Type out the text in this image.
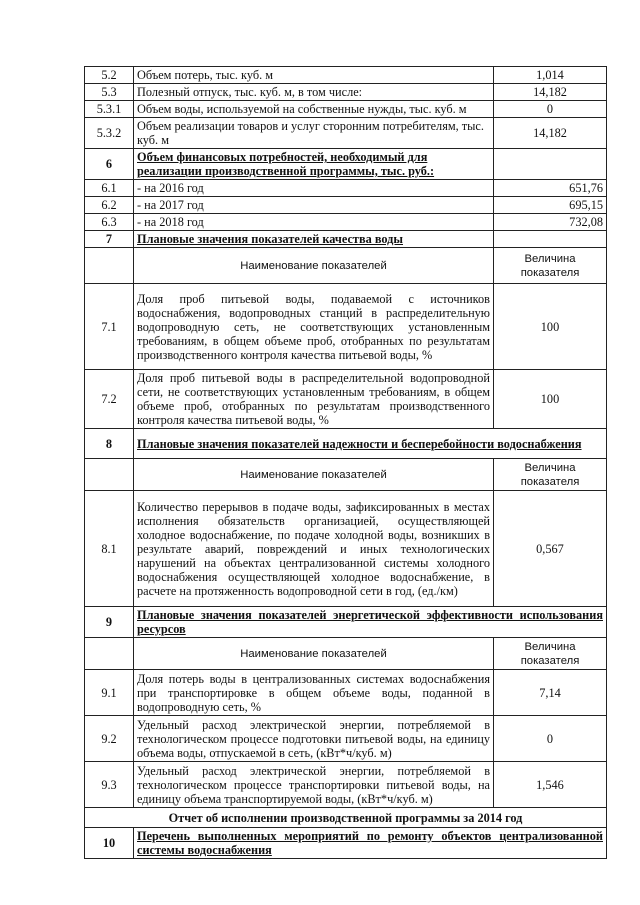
5.2	Объем потерь, тыс. куб. м	1,014
5.3	Полезный отпуск, тыс. куб. м, в том числе:	14,182
5.3.1	Объем воды, используемой на собственные нужды, тыс. куб. м	0
5.3.2	Объем реализации товаров и услуг сторонним потребителям, тыс. куб. м	14,182
6	Объем финансовых потребностей, необходимый для реализации производственной программы, тыс. руб.:	
6.1	- на 2016 год	651,76
6.2	- на 2017 год	695,15
6.3	- на 2018 год	732,08
7	Плановые значения показателей качества воды	
	Наименование показателей	Величина показателя
7.1	Доля проб питьевой воды, подаваемой с источников водоснабжения, водопроводных станций в распределительную водопроводную сеть, не соответствующих установленным требованиям, в общем объеме проб, отобранных по результатам производственного контроля качества питьевой воды, %	100
7.2	Доля проб питьевой воды в распределительной водопроводной сети, не соответствующих установленным требованиям, в общем объеме проб, отобранных по результатам производственного контроля качества питьевой воды, %	100
8	Плановые значения показателей надежности и бесперебойности водоснабжения	
	Наименование показателей	Величина показателя
8.1	Количество перерывов в подаче воды, зафиксированных в местах исполнения обязательств организацией, осуществляющей холодное водоснабжение, по подаче холодной воды, возникших в результате аварий, повреждений и иных технологических нарушений на объектах централизованной системы холодного водоснабжения осуществляющей холодное водоснабжение, в расчете на протяженность водопроводной сети в год, (ед./км)	0,567
9	Плановые значения показателей энергетической эффективности использования ресурсов	
	Наименование показателей	Величина показателя
9.1	Доля потерь воды в централизованных системах водоснабжения при транспортировке в общем объеме воды, поданной в водопроводную сеть, %	7,14
9.2	Удельный расход электрической энергии, потребляемой в технологическом процессе подготовки питьевой воды, на единицу объема воды, отпускаемой в сеть, (кВт*ч/куб. м)	0
9.3	Удельный расход электрической энергии, потребляемой в технологическом процессе транспортировки питьевой воды, на единицу объема транспортируемой воды, (кВт*ч/куб. м)	1,546
Отчет об исполнении производственной программы за 2014 год		
10	Перечень выполненных мероприятий по ремонту объектов централизованной системы водоснабжения	
